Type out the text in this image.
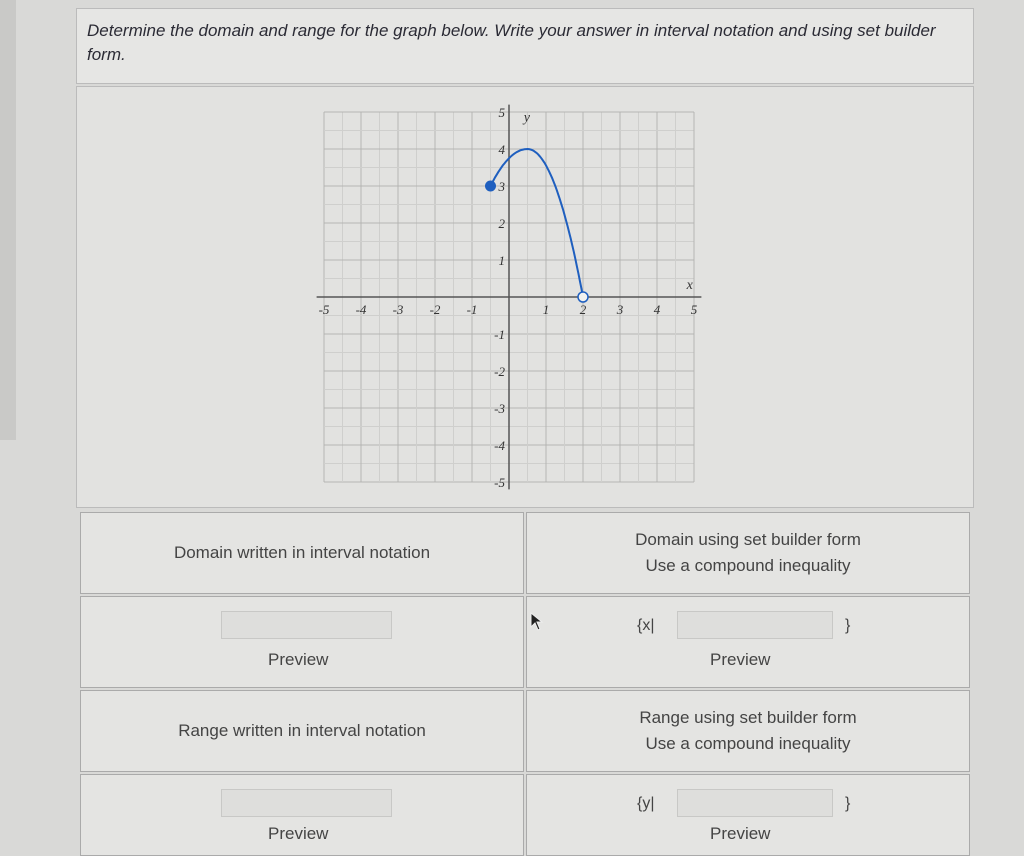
Determine the domain and range for the graph below. Write your answer in interval notation and using set builder form.
-5 -4 -3 -2 -1	1 2 3 4 5
5
4
3
2
1
-1
-2
-3
-4
-5
x
y
Domain written in interval notation
Domain using set builder form
Use a compound inequality
Preview
{x|	}
Preview
Range written in interval notation
Range using set builder form
Use a compound inequality
Preview
{y|	}
Preview
